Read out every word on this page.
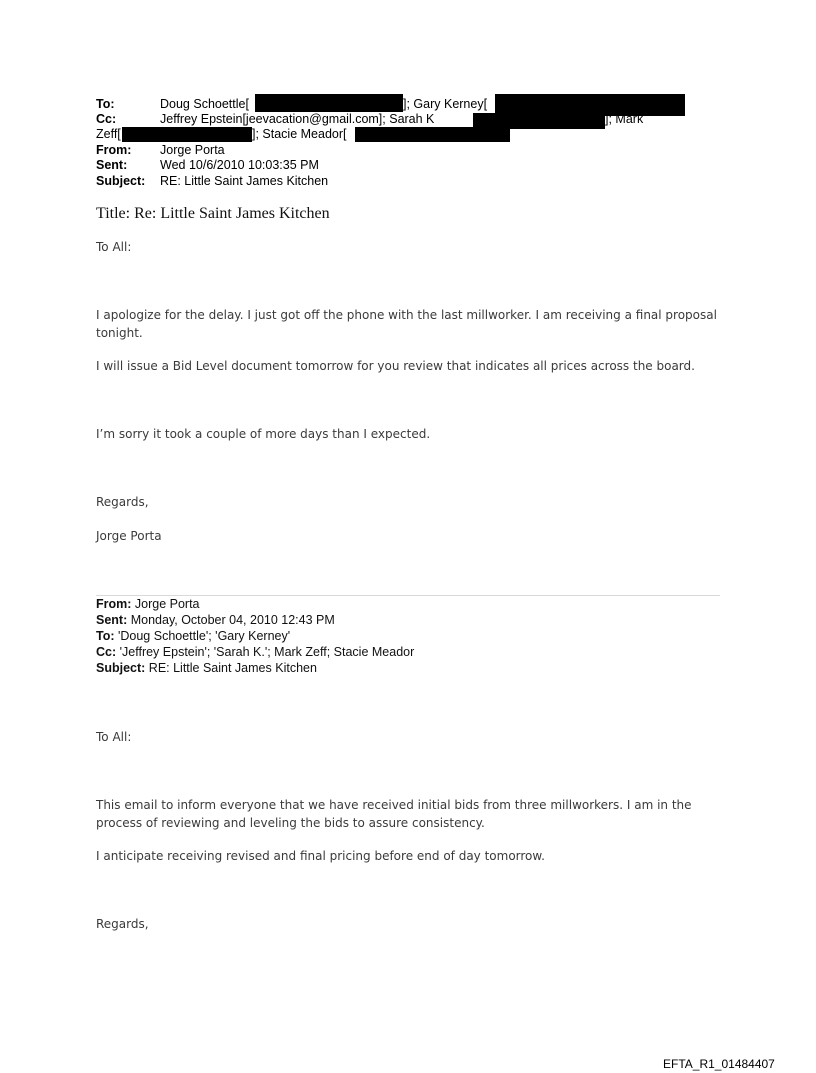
To:	Doug Schoettle[	]; Gary Kerney[
Cc:	Jeffrey Epstein[jeevacation@gmail.com]; Sarah K	]; Mark
Zeff[	]; Stacie Meador[
From: Jorge Porta
Sent:	Wed 10/6/2010 10:03:35 PM
Subject: RE: Little Saint James Kitchen
Title: Re: Little Saint James Kitchen
To All:
I apologize for the delay. I just got off the phone with the last millworker. I am receiving a final proposal tonight.
I will issue a Bid Level document tomorrow for you review that indicates all prices across the board.
I’m sorry it took a couple of more days than I expected.
Regards,
Jorge Porta
From: Jorge Porta
Sent: Monday, October 04, 2010 12:43 PM
To: 'Doug Schoettle'; 'Gary Kerney'
Cc: 'Jeffrey Epstein'; 'Sarah K.'; Mark Zeff; Stacie Meador
Subject: RE: Little Saint James Kitchen
To All:
This email to inform everyone that we have received initial bids from three millworkers. I am in the process of reviewing and leveling the bids to assure consistency.
I anticipate receiving revised and final pricing before end of day tomorrow.
Regards,
EFTA_R1_01484407
